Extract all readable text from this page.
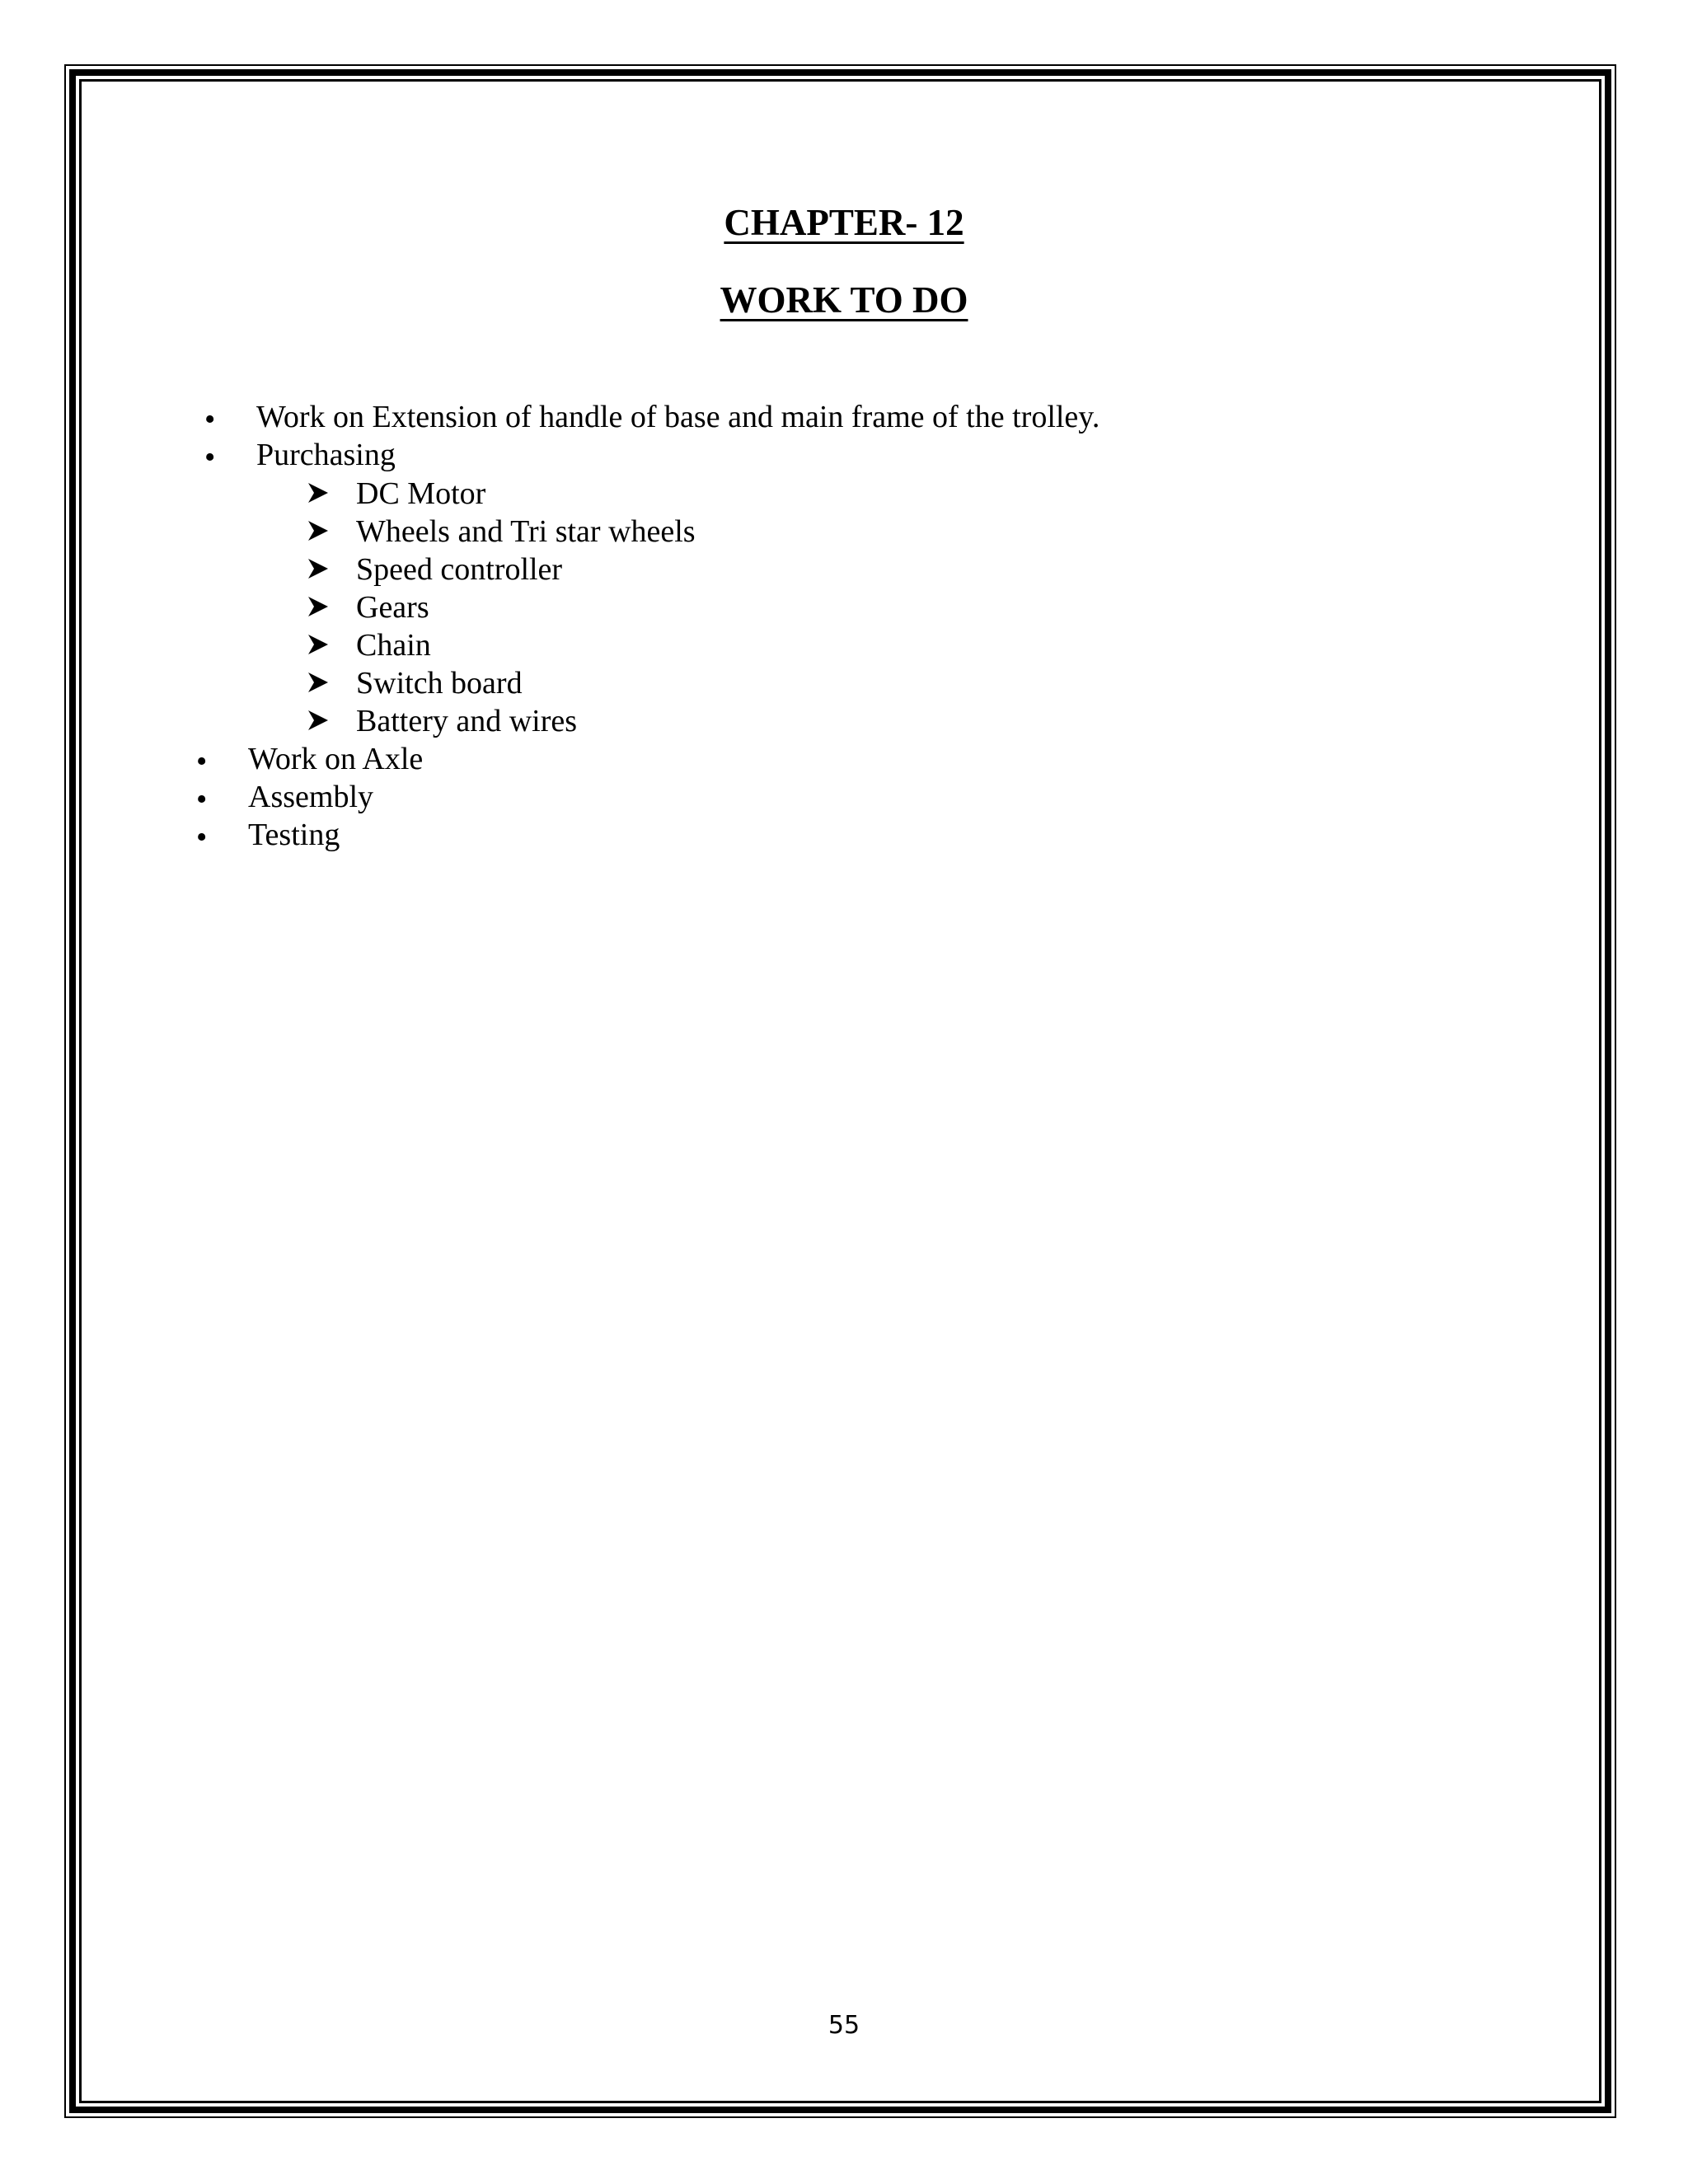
CHAPTER- 12
WORK TO DO
• Work on Extension of handle of base and main frame of the trolley.
• Purchasing
DC Motor
Wheels and Tri star wheels
Speed controller
Gears
Chain
Switch board
Battery and wires
• Work on Axle
• Assembly
• Testing
55
